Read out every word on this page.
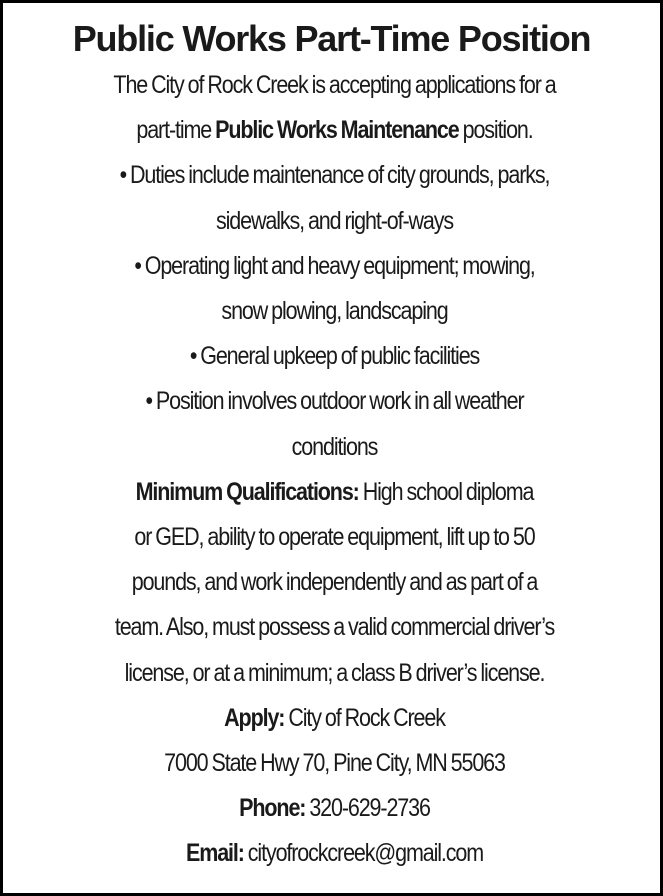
Public Works Part-Time Position
The City of Rock Creek is accepting applications for a
part-time Public Works Maintenance position.
• Duties include maintenance of city grounds, parks,
sidewalks, and right-of-ways
• Operating light and heavy equipment; mowing,
snow plowing, landscaping
• General upkeep of public facilities
• Position involves outdoor work in all weather
conditions
Minimum Qualifications: High school diploma
or GED, ability to operate equipment, lift up to 50
pounds, and work independently and as part of a
team. Also, must possess a valid commercial driver’s
license, or at a minimum; a class B driver’s license.
Apply: City of Rock Creek
7000 State Hwy 70, Pine City, MN 55063
Phone: 320-629-2736
Email: cityofrockcreek@gmail.com
